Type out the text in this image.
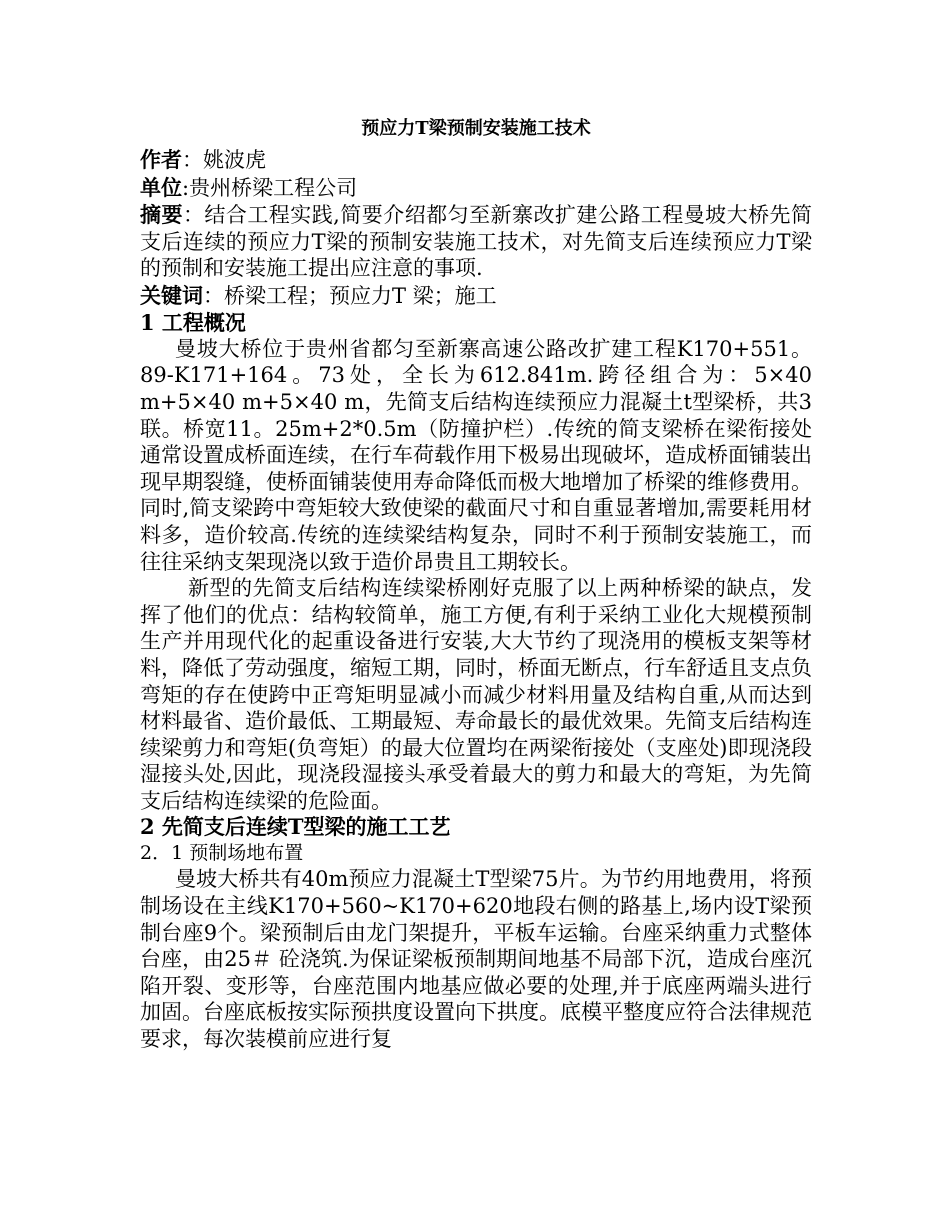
预应力T梁预制安装施工技术

作者：姚波虎

单位:贵州桥梁工程公司

摘要：结合工程实践,简要介绍都匀至新寨改扩建公路工程曼坡大桥先简支后连续的预应力T梁的预制安装施工技术，对先简支后连续预应力T梁的预制和安装施工提出应注意的事项.

关键词：桥梁工程；预应力T 梁；施工

1 工程概况

曼坡大桥位于贵州省都匀至新寨高速公路改扩建工程K170+551。89-K171+164。73处，全长为612.841m.跨径组合为：5×40 m+5×40 m+5×40 m，先简支后结构连续预应力混凝土t型梁桥，共3联。桥宽11。25m+2*0.5m（防撞护栏）.传统的简支梁桥在梁衔接处通常设置成桥面连续，在行车荷载作用下极易出现破坏，造成桥面铺装出现早期裂缝，使桥面铺装使用寿命降低而极大地增加了桥梁的维修费用。同时,简支梁跨中弯矩较大致使梁的截面尺寸和自重显著增加,需要耗用材料多，造价较高.传统的连续梁结构复杂，同时不利于预制安装施工，而往往采纳支架现浇以致于造价昂贵且工期较长。

新型的先简支后结构连续梁桥刚好克服了以上两种桥梁的缺点，发挥了他们的优点：结构较简单，施工方便,有利于采纳工业化大规模预制生产并用现代化的起重设备进行安装,大大节约了现浇用的模板支架等材料，降低了劳动强度，缩短工期，同时，桥面无断点，行车舒适且支点负弯矩的存在使跨中正弯矩明显减小而减少材料用量及结构自重,从而达到材料最省、造价最低、工期最短、寿命最长的最优效果。先简支后结构连续梁剪力和弯矩(负弯矩）的最大位置均在两梁衔接处（支座处)即现浇段湿接头处,因此，现浇段湿接头承受着最大的剪力和最大的弯矩，为先简支后结构连续梁的危险面。

2 先简支后连续T型梁的施工工艺

2．1 预制场地布置

曼坡大桥共有40m预应力混凝土T型梁75片。为节约用地费用，将预制场设在主线K170+560~K170+620地段右侧的路基上,场内设T梁预制台座9个。梁预制后由龙门架提升，平板车运输。台座采纳重力式整体台座，由25＃ 砼浇筑.为保证梁板预制期间地基不局部下沉，造成台座沉陷开裂、变形等，台座范围内地基应做必要的处理,并于底座两端头进行加固。台座底板按实际预拱度设置向下拱度。底模平整度应符合法律规范要求，每次装模前应进行复
